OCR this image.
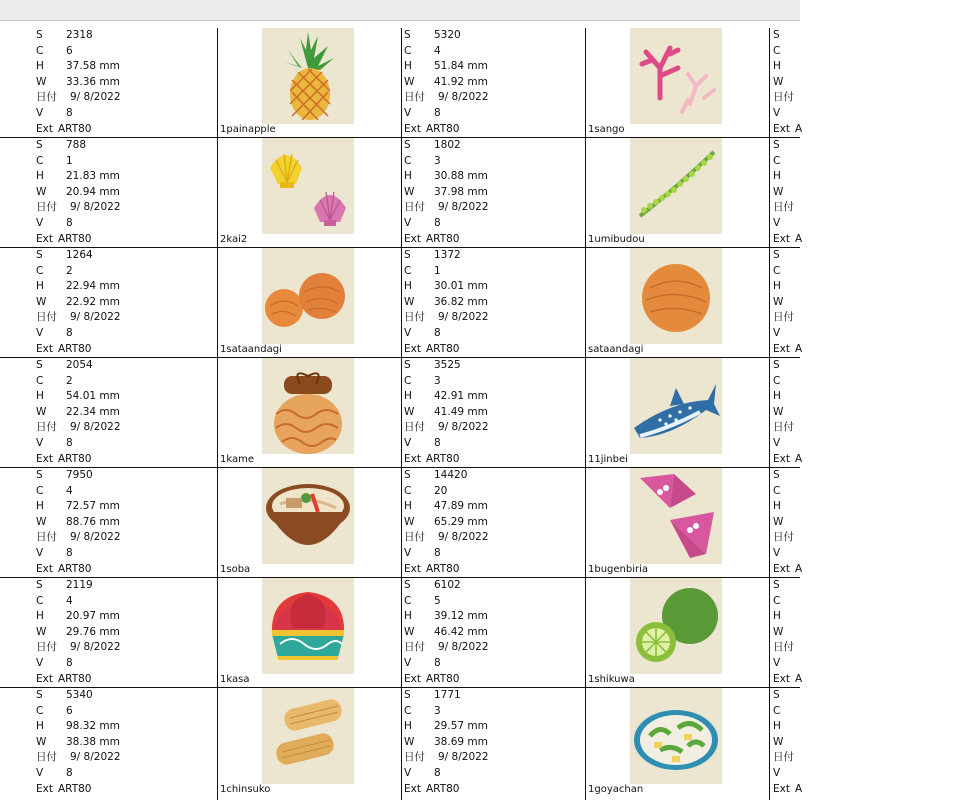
S 2318
C 6
H 37.58 mm
W 33.36 mm
日付 9/ 8/2022
V 8
Ext ART80	1painapple
S 5320
C 4
H 51.84 mm
W 41.92 mm
日付 9/ 8/2022
V 8
Ext ART80	1sango
S
C
H
W
日付
V
Ext A
S 788
C 1
H 21.83 mm
W 20.94 mm
日付 9/ 8/2022
V 8
Ext ART80	2kai2
S 1802
C 3
H 30.88 mm
W 37.98 mm
日付 9/ 8/2022
V 8
Ext ART80	1umibudou
S
C
H
W
日付
V
Ext A
S 1264
C 2
H 22.94 mm
W 22.92 mm
日付 9/ 8/2022
V 8
Ext ART80	1sataandagi
S 1372
C 1
H 30.01 mm
W 36.82 mm
日付 9/ 8/2022
V 8
Ext ART80	sataandagi
S
C
H
W
日付
V
Ext A
S 2054
C 2
H 54.01 mm
W 22.34 mm
日付 9/ 8/2022
V 8
Ext ART80	1kame
S 3525
C 3
H 42.91 mm
W 41.49 mm
日付 9/ 8/2022
V 8
Ext ART80	11jinbei
S
C
H
W
日付
V
Ext A
S 7950
C 4
H 72.57 mm
W 88.76 mm
日付 9/ 8/2022
V 8
Ext ART80	1soba
S 14420
C 20
H 47.89 mm
W 65.29 mm
日付 9/ 8/2022
V 8
Ext ART80	1bugenbiria
S
C
H
W
日付
V
Ext A
S 2119
C 4
H 20.97 mm
W 29.76 mm
日付 9/ 8/2022
V 8
Ext ART80	1kasa
S 6102
C 5
H 39.12 mm
W 46.42 mm
日付 9/ 8/2022
V 8
Ext ART80	1shikuwa
S
C
H
W
日付
V
Ext A
S 5340
C 6
H 98.32 mm
W 38.38 mm
日付 9/ 8/2022
V 8
Ext ART80	1chinsuko
S 1771
C 3
H 29.57 mm
W 38.69 mm
日付 9/ 8/2022
V 8
Ext ART80	1goyachan
S
C
H
W
日付
V
Ext A
